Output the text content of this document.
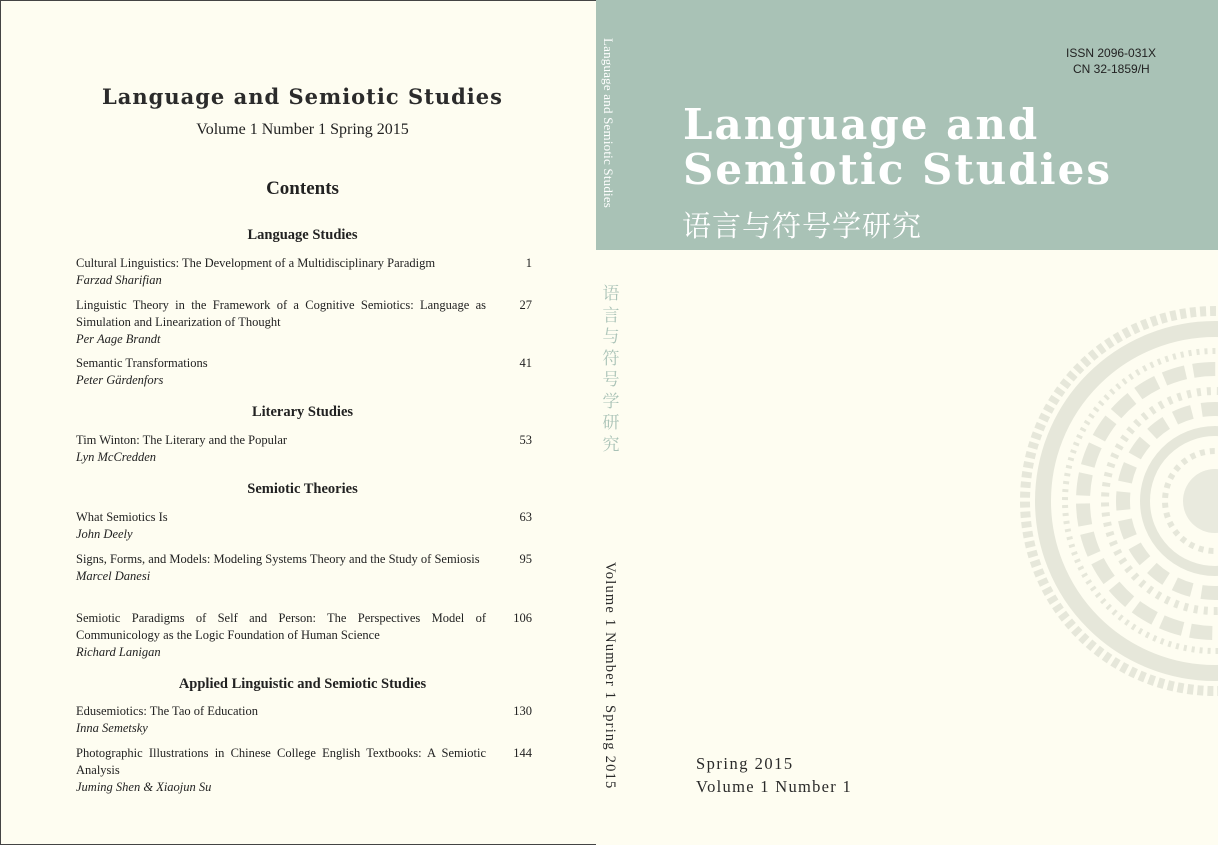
Language and Semiotic Studies
Volume 1 Number 1 Spring 2015
Contents
Language Studies
Cultural Linguistics: The Development of a Multidisciplinary Paradigm
Farzad Sharifian
1
Linguistic Theory in the Framework of a Cognitive Semiotics: Language as Simulation and Linearization of Thought
Per Aage Brandt
27
Semantic Transformations
Peter Gärdenfors
41
Literary Studies
Tim Winton: The Literary and the Popular
Lyn McCredden
53
Semiotic Theories
What Semiotics Is
John Deely
63
Signs, Forms, and Models: Modeling Systems Theory and the Study of Semiosis
Marcel Danesi
95
Semiotic Paradigms of Self and Person: The Perspectives Model of Communicology as the Logic Foundation of Human Science
Richard Lanigan
106
Applied Linguistic and Semiotic Studies
Edusemiotics: The Tao of Education
Inna Semetsky
130
Photographic Illustrations in Chinese College English Textbooks: A Semiotic Analysis
Juming Shen & Xiaojun Su
144
Language and Semiotic Studies
语言与符号学研究
Volume 1 Number 1 Spring 2015
ISSN 2096-031X
CN 32-1859/H
Language and
Semiotic Studies
语言与符号学研究
Spring 2015
Volume 1 Number 1
